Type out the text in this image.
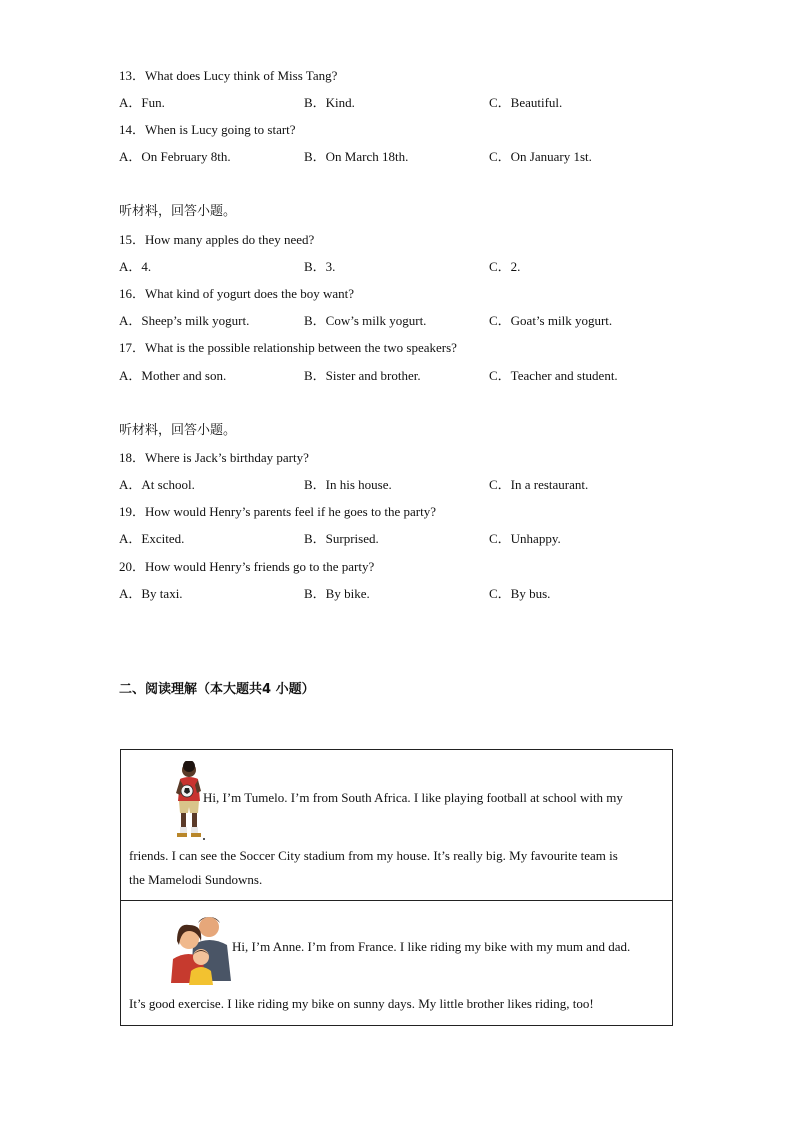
13．What does Lucy think of Miss Tang?
A．Fun.	B．Kind.	C．Beautiful.
14．When is Lucy going to start?
A．On February 8th.	B．On March 18th.	C．On January 1st.
听材料，回答小题。
15．How many apples do they need?
A．4.	B．3.	C．2.
16．What kind of yogurt does the boy want?
A．Sheep’s milk yogurt.	B．Cow’s milk yogurt.	C．Goat’s milk yogurt.
17．What is the possible relationship between the two speakers?
A．Mother and son.	B．Sister and brother.	C．Teacher and student.
听材料，回答小题。
18．Where is Jack’s birthday party?
A．At school.	B．In his house.	C．In a restaurant.
19．How would Henry’s parents feel if he goes to the party?
A．Excited.	B．Surprised.	C．Unhappy.
20．How would Henry’s friends go to the party?
A．By taxi.	B．By bike.	C．By bus.
二、阅读理解（本大题共4 小题）
Hi, I’m Tumelo. I’m from South Africa. I like playing football at school with my
friends. I can see the Soccer City stadium from my house. It’s really big. My favourite team is
the Mamelodi Sundowns.
Hi, I’m Anne. I’m from France. I like riding my bike with my mum and dad.
It’s good exercise. I like riding my bike on sunny days. My little brother likes riding, too!
